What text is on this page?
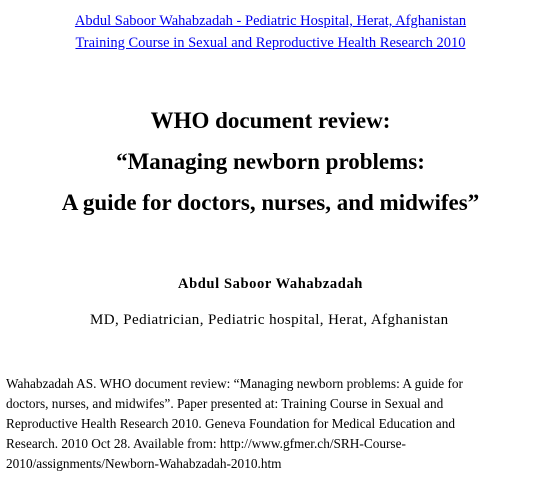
Abdul Saboor Wahabzadah - Pediatric Hospital, Herat, Afghanistan
Training Course in Sexual and Reproductive Health Research 2010
WHO document review:
“Managing newborn problems:
A guide for doctors, nurses, and midwifes”
Abdul Saboor Wahabzadah
MD, Pediatrician, Pediatric hospital, Herat, Afghanistan
Wahabzadah AS. WHO document review: “Managing newborn problems: A guide for
doctors, nurses, and midwifes”. Paper presented at: Training Course in Sexual and
Reproductive Health Research 2010. Geneva Foundation for Medical Education and
Research. 2010 Oct 28. Available from: http://www.gfmer.ch/SRH-Course-
2010/assignments/Newborn-Wahabzadah-2010.htm
